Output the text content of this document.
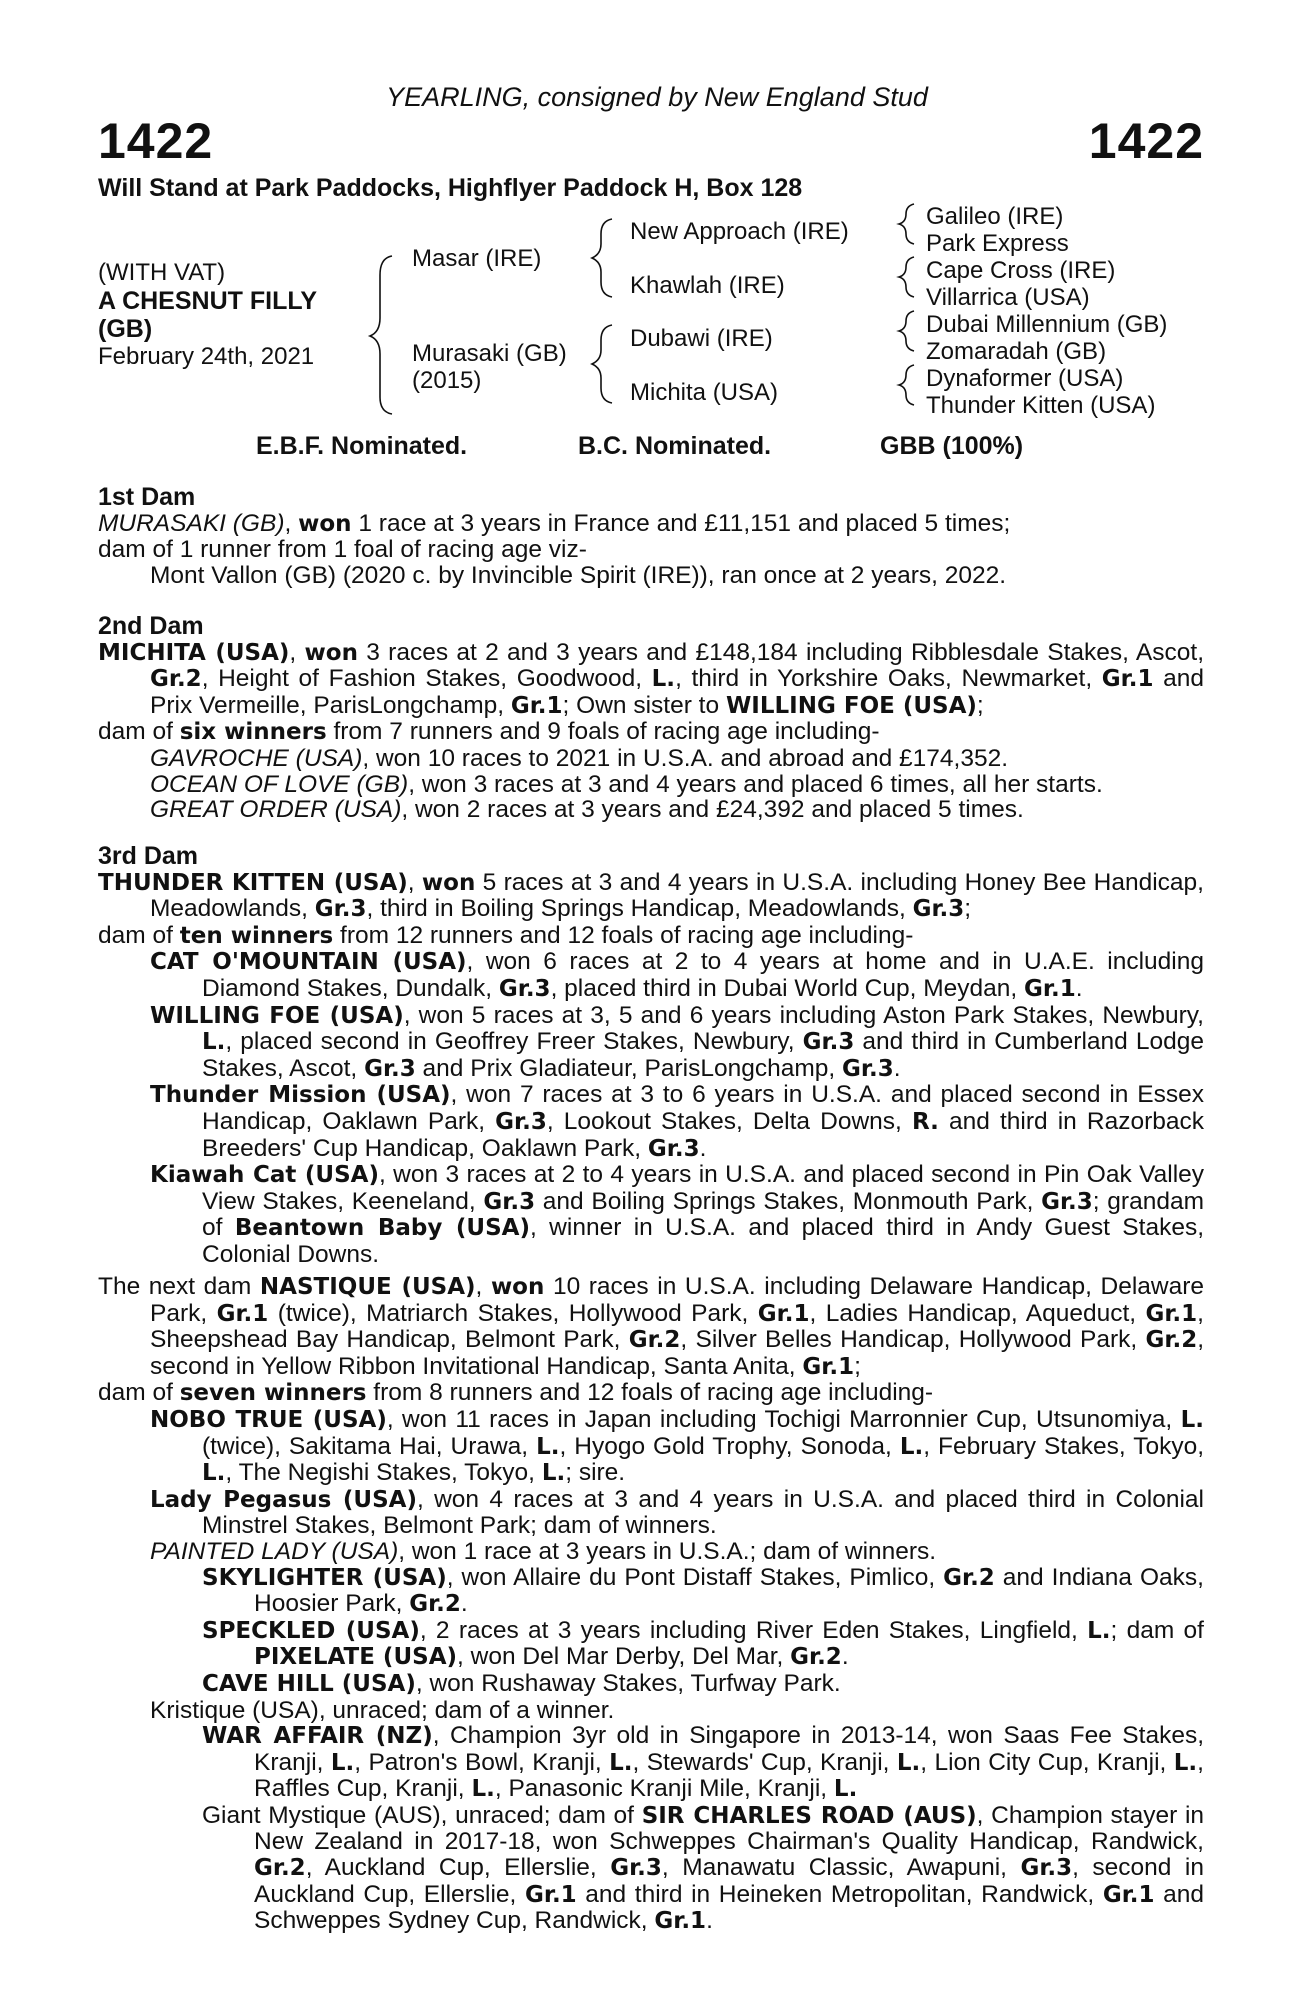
YEARLING, consigned by New England Stud
1422	1422
Will Stand at Park Paddocks, Highflyer Paddock H, Box 128
(WITH VAT)
A CHESNUT FILLY
(GB)
February 24th, 2021
Masar (IRE)
Murasaki (GB)
(2015)
New Approach (IRE)
Khawlah (IRE)
Dubawi (IRE)
Michita (USA)
Galileo (IRE)
Park Express
Cape Cross (IRE)
Villarrica (USA)
Dubai Millennium (GB)
Zomaradah (GB)
Dynaformer (USA)
Thunder Kitten (USA)
E.B.F. Nominated.	B.C. Nominated.	GBB (100%)
1st Dam
MURASAKI (GB), won 1 race at 3 years in France and £11,151 and placed 5 times;
dam of 1 runner from 1 foal of racing age viz-
Mont Vallon (GB) (2020 c. by Invincible Spirit (IRE)), ran once at 2 years, 2022.
2nd Dam
MICHITA (USA), won 3 races at 2 and 3 years and £148,184 including Ribblesdale Stakes, Ascot, Gr.2, Height of Fashion Stakes, Goodwood, L., third in Yorkshire Oaks, Newmarket, Gr.1 and Prix Vermeille, ParisLongchamp, Gr.1; Own sister to WILLING FOE (USA);
dam of six winners from 7 runners and 9 foals of racing age including-
GAVROCHE (USA), won 10 races to 2021 in U.S.A. and abroad and £174,352.
OCEAN OF LOVE (GB), won 3 races at 3 and 4 years and placed 6 times, all her starts.
GREAT ORDER (USA), won 2 races at 3 years and £24,392 and placed 5 times.
3rd Dam
THUNDER KITTEN (USA), won 5 races at 3 and 4 years in U.S.A. including Honey Bee Handicap, Meadowlands, Gr.3, third in Boiling Springs Handicap, Meadowlands, Gr.3;
dam of ten winners from 12 runners and 12 foals of racing age including-
CAT O'MOUNTAIN (USA), won 6 races at 2 to 4 years at home and in U.A.E. including Diamond Stakes, Dundalk, Gr.3, placed third in Dubai World Cup, Meydan, Gr.1.
WILLING FOE (USA), won 5 races at 3, 5 and 6 years including Aston Park Stakes, Newbury, L., placed second in Geoffrey Freer Stakes, Newbury, Gr.3 and third in Cumberland Lodge Stakes, Ascot, Gr.3 and Prix Gladiateur, ParisLongchamp, Gr.3.
Thunder Mission (USA), won 7 races at 3 to 6 years in U.S.A. and placed second in Essex Handicap, Oaklawn Park, Gr.3, Lookout Stakes, Delta Downs, R. and third in Razorback Breeders' Cup Handicap, Oaklawn Park, Gr.3.
Kiawah Cat (USA), won 3 races at 2 to 4 years in U.S.A. and placed second in Pin Oak Valley View Stakes, Keeneland, Gr.3 and Boiling Springs Stakes, Monmouth Park, Gr.3; grandam of Beantown Baby (USA), winner in U.S.A. and placed third in Andy Guest Stakes, Colonial Downs.
The next dam NASTIQUE (USA), won 10 races in U.S.A. including Delaware Handicap, Delaware Park, Gr.1 (twice), Matriarch Stakes, Hollywood Park, Gr.1, Ladies Handicap, Aqueduct, Gr.1, Sheepshead Bay Handicap, Belmont Park, Gr.2, Silver Belles Handicap, Hollywood Park, Gr.2, second in Yellow Ribbon Invitational Handicap, Santa Anita, Gr.1;
dam of seven winners from 8 runners and 12 foals of racing age including-
NOBO TRUE (USA), won 11 races in Japan including Tochigi Marronnier Cup, Utsunomiya, L. (twice), Sakitama Hai, Urawa, L., Hyogo Gold Trophy, Sonoda, L., February Stakes, Tokyo, L., The Negishi Stakes, Tokyo, L.; sire.
Lady Pegasus (USA), won 4 races at 3 and 4 years in U.S.A. and placed third in Colonial Minstrel Stakes, Belmont Park; dam of winners.
PAINTED LADY (USA), won 1 race at 3 years in U.S.A.; dam of winners.
SKYLIGHTER (USA), won Allaire du Pont Distaff Stakes, Pimlico, Gr.2 and Indiana Oaks, Hoosier Park, Gr.2.
SPECKLED (USA), 2 races at 3 years including River Eden Stakes, Lingfield, L.; dam of PIXELATE (USA), won Del Mar Derby, Del Mar, Gr.2.
CAVE HILL (USA), won Rushaway Stakes, Turfway Park.
Kristique (USA), unraced; dam of a winner.
WAR AFFAIR (NZ), Champion 3yr old in Singapore in 2013-14, won Saas Fee Stakes, Kranji, L., Patron's Bowl, Kranji, L., Stewards' Cup, Kranji, L., Lion City Cup, Kranji, L., Raffles Cup, Kranji, L., Panasonic Kranji Mile, Kranji, L.
Giant Mystique (AUS), unraced; dam of SIR CHARLES ROAD (AUS), Champion stayer in New Zealand in 2017-18, won Schweppes Chairman's Quality Handicap, Randwick, Gr.2, Auckland Cup, Ellerslie, Gr.3, Manawatu Classic, Awapuni, Gr.3, second in Auckland Cup, Ellerslie, Gr.1 and third in Heineken Metropolitan, Randwick, Gr.1 and Schweppes Sydney Cup, Randwick, Gr.1.
